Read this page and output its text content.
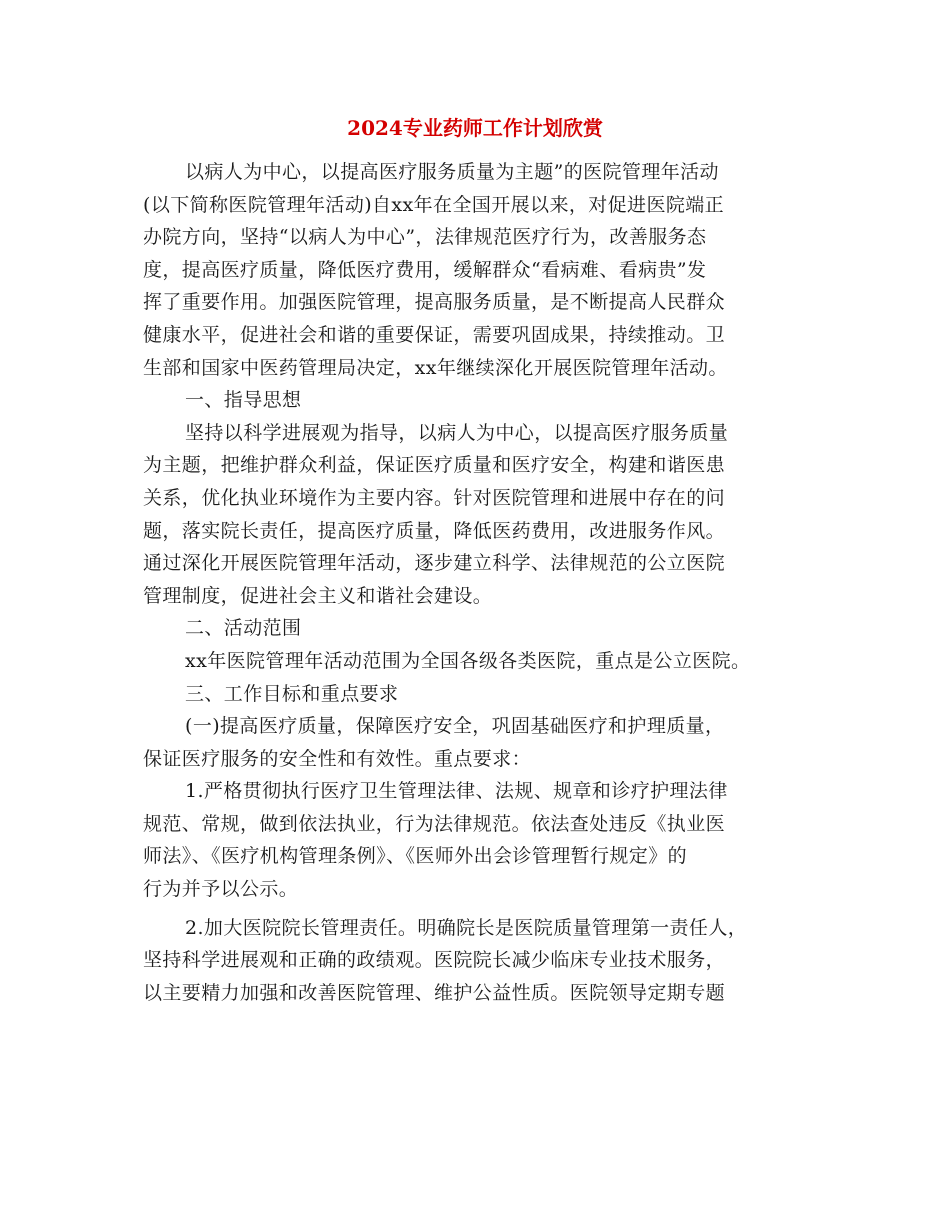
2024专业药师工作计划欣赏
以病人为中心，以提高医疗服务质量为主题”的医院管理年活动
(以下简称医院管理年活动)自xx年在全国开展以来，对促进医院端正
办院方向，坚持“以病人为中心”，法律规范医疗行为，改善服务态
度，提高医疗质量，降低医疗费用，缓解群众“看病难、看病贵”发
挥了重要作用。加强医院管理，提高服务质量，是不断提高人民群众
健康水平，促进社会和谐的重要保证，需要巩固成果，持续推动。卫
生部和国家中医药管理局决定，xx年继续深化开展医院管理年活动。
一、指导思想
坚持以科学进展观为指导，以病人为中心，以提高医疗服务质量
为主题，把维护群众利益，保证医疗质量和医疗安全，构建和谐医患
关系，优化执业环境作为主要内容。针对医院管理和进展中存在的问
题，落实院长责任，提高医疗质量，降低医药费用，改进服务作风。
通过深化开展医院管理年活动，逐步建立科学、法律规范的公立医院
管理制度，促进社会主义和谐社会建设。
二、活动范围
xx年医院管理年活动范围为全国各级各类医院，重点是公立医院。
三、工作目标和重点要求
(一)提高医疗质量，保障医疗安全，巩固基础医疗和护理质量，
保证医疗服务的安全性和有效性。重点要求：
1.严格贯彻执行医疗卫生管理法律、法规、规章和诊疗护理法律
规范、常规，做到依法执业，行为法律规范。依法查处违反《执业医
师法》、《医疗机构管理条例》、《医师外出会诊管理暂行规定》的
行为并予以公示。
2.加大医院院长管理责任。明确院长是医院质量管理第一责任人，
坚持科学进展观和正确的政绩观。医院院长减少临床专业技术服务，
以主要精力加强和改善医院管理、维护公益性质。医院领导定期专题
